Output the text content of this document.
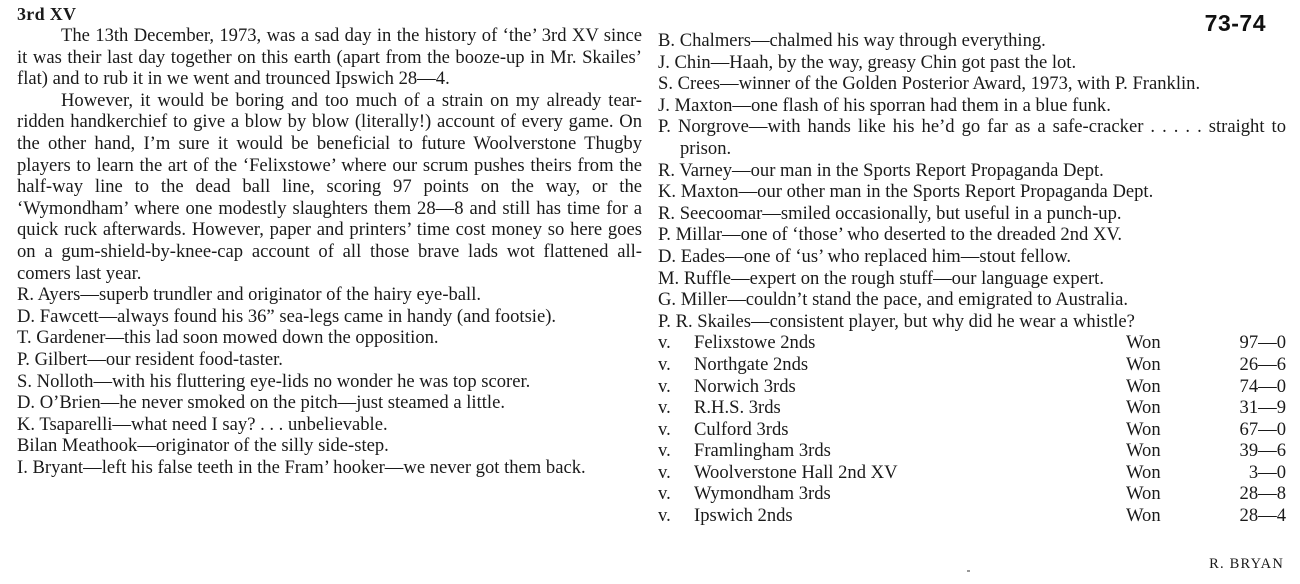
73-74
3rd XV

The 13th December, 1973, was a sad day in the history of ‘the’ 3rd XV since it was their last day together on this earth (apart from the booze-up in Mr. Skailes’ flat) and to rub it in we went and trounced Ipswich 28—4.

However, it would be boring and too much of a strain on my already tear-ridden handkerchief to give a blow by blow (literally!) account of every game. On the other hand, I’m sure it would be beneficial to future Woolverstone Thugby players to learn the art of the ‘Felixstowe’ where our scrum pushes theirs from the half-way line to the dead ball line, scoring 97 points on the way, or the ‘Wymondham’ where one modestly slaughters them 28—8 and still has time for a quick ruck afterwards. However, paper and printers’ time cost money so here goes on a gum-shield-by-knee-cap account of all those brave lads wot flattened all-comers last year.

R. Ayers—superb trundler and originator of the hairy eye-ball.

D. Fawcett—always found his 36” sea-legs came in handy (and footsie).

T. Gardener—this lad soon mowed down the opposition.

P. Gilbert—our resident food-taster.

S. Nolloth—with his fluttering eye-lids no wonder he was top scorer.

D. O’Brien—he never smoked on the pitch—just steamed a little.

K. Tsaparelli—what need I say? . . . unbelievable.

Bilan Meathook—originator of the silly side-step.

I. Bryant—left his false teeth in the Fram’ hooker—we never got them back.

B. Chalmers—chalmed his way through everything.

J. Chin—Haah, by the way, greasy Chin got past the lot.

S. Crees—winner of the Golden Posterior Award, 1973, with P. Franklin.

J. Maxton—one flash of his sporran had them in a blue funk.

P. Norgrove—with hands like his he’d go far as a safe-cracker . . . . . straight to prison.

R. Varney—our man in the Sports Report Propaganda Dept.

K. Maxton—our other man in the Sports Report Propaganda Dept.

R. Seecoomar—smiled occasionally, but useful in a punch-up.

P. Millar—one of ‘those’ who deserted to the dreaded 2nd XV.

D. Eades—one of ‘us’ who replaced him—stout fellow.

M. Ruffle—expert on the rough stuff—our language expert.

G. Miller—couldn’t stand the pace, and emigrated to Australia.

P. R. Skailes—consistent player, but why did he wear a whistle?

v.	Felixstowe 2nds	Won	97—0
v.	Northgate 2nds	Won	26—6
v.	Norwich 3rds	Won	74—0
v.	R.H.S. 3rds	Won	31—9
v.	Culford 3rds	Won	67—0
v.	Framlingham 3rds	Won	39—6
v.	Woolverstone Hall 2nd XV	Won	3—0
v.	Wymondham 3rds	Won	28—8
v.	Ipswich 2nds	Won	28—4
R. BRYAN
